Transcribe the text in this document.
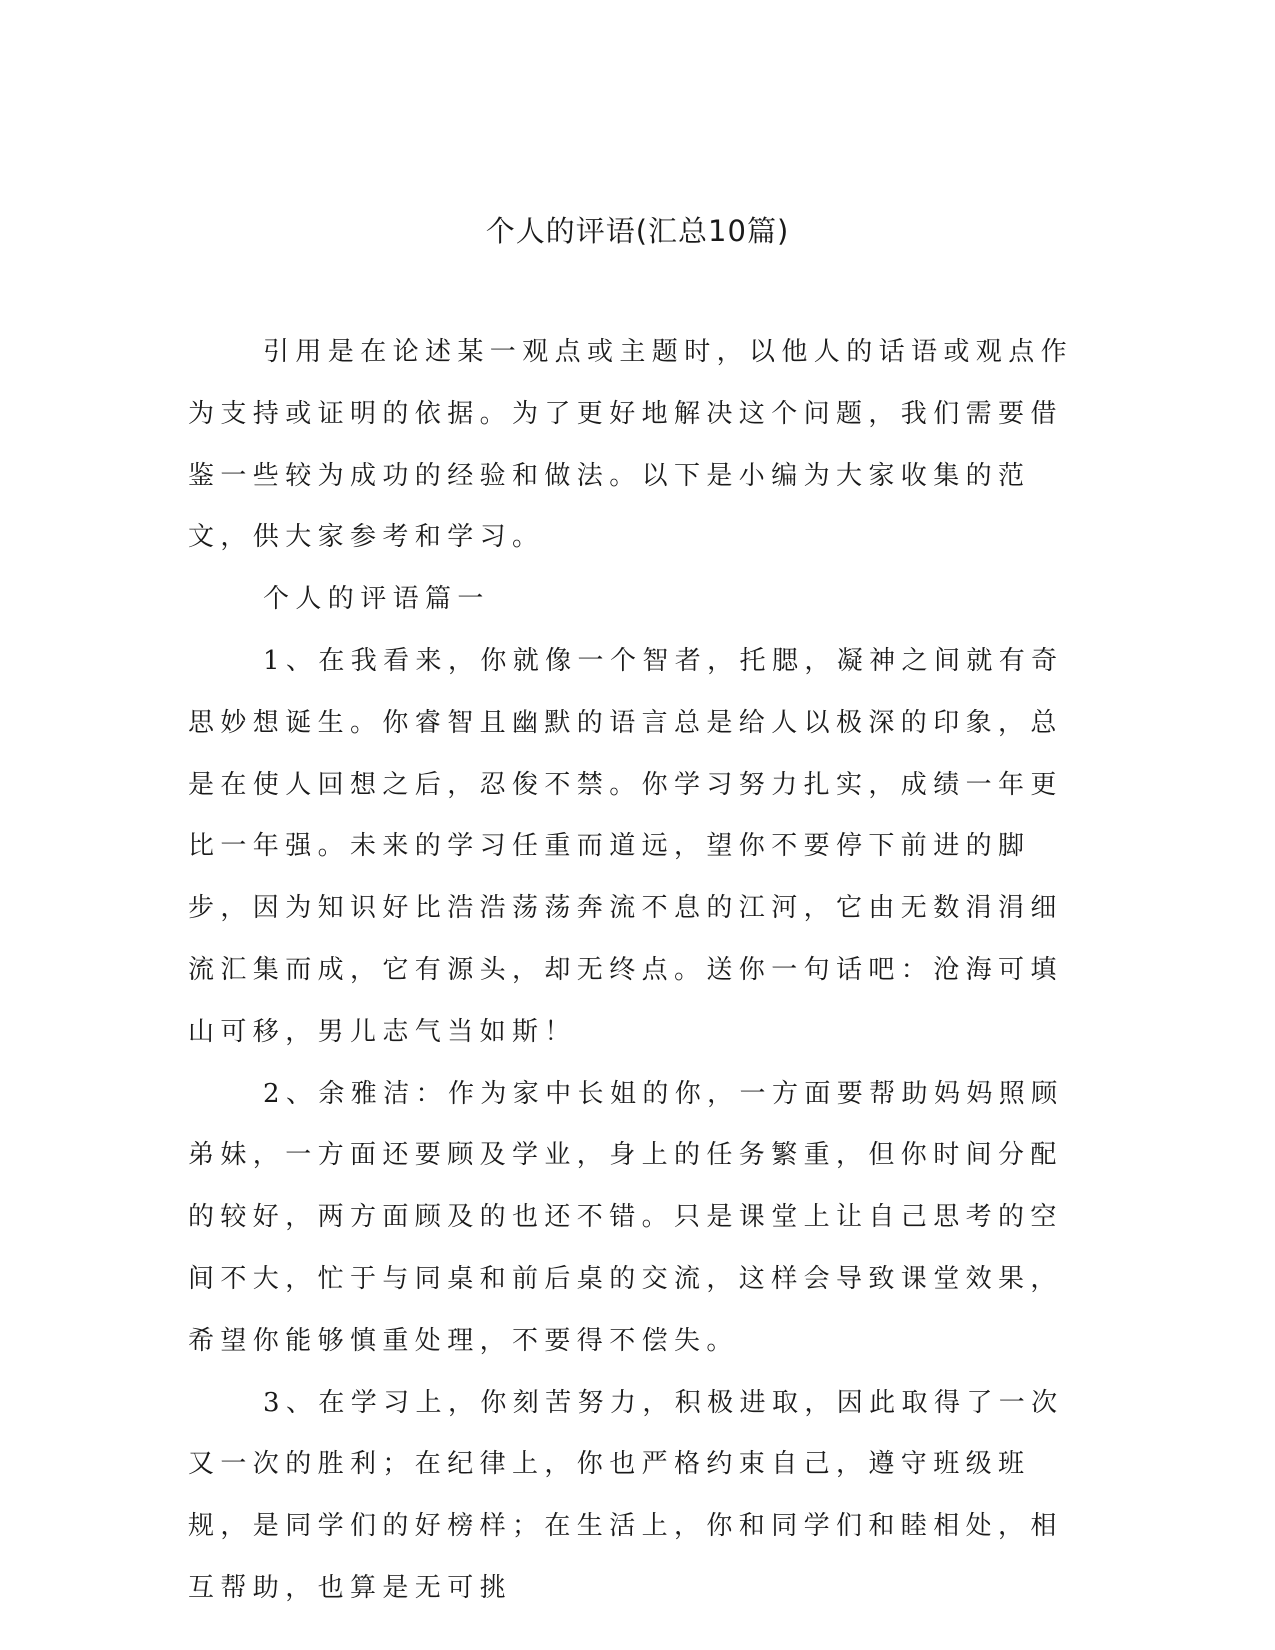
个人的评语(汇总10篇)

引用是在论述某一观点或主题时，以他人的话语或观点作为支持或证明的依据。为了更好地解决这个问题，我们需要借鉴一些较为成功的经验和做法。以下是小编为大家收集的范文，供大家参考和学习。

个人的评语篇一

1、在我看来，你就像一个智者，托腮，凝神之间就有奇思妙想诞生。你睿智且幽默的语言总是给人以极深的印象，总是在使人回想之后，忍俊不禁。你学习努力扎实，成绩一年更比一年强。未来的学习任重而道远，望你不要停下前进的脚步，因为知识好比浩浩荡荡奔流不息的江河，它由无数涓涓细流汇集而成，它有源头，却无终点。送你一句话吧：沧海可填山可移，男儿志气当如斯！

2、余雅洁：作为家中长姐的你，一方面要帮助妈妈照顾弟妹，一方面还要顾及学业，身上的任务繁重，但你时间分配的较好，两方面顾及的也还不错。只是课堂上让自己思考的空间不大，忙于与同桌和前后桌的交流，这样会导致课堂效果，希望你能够慎重处理，不要得不偿失。

3、在学习上，你刻苦努力，积极进取，因此取得了一次又一次的胜利；在纪律上，你也严格约束自己，遵守班级班规，是同学们的好榜样；在生活上，你和同学们和睦相处，相互帮助，也算是无可挑
